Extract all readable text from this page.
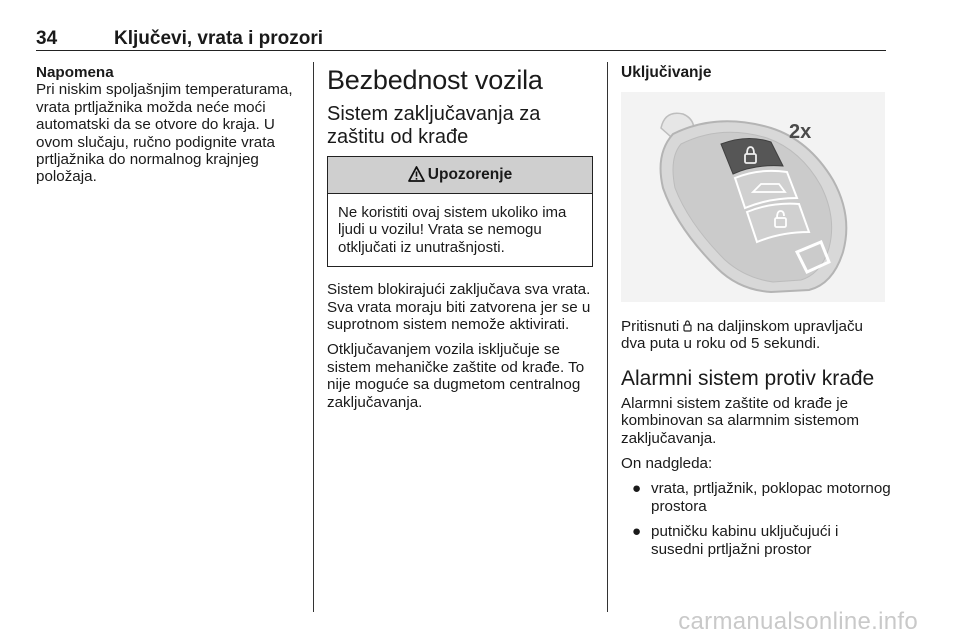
34	Ključevi, vrata i prozori

Napomena

Pri niskim spoljašnjim temperaturama, vrata prtljažnika možda neće moći automatski da se otvore do kraja. U ovom slučaju, ručno podignite vrata prtljažnika do normalnog krajnjeg položaja.

Bezbednost vozila
Sistem zaključavanja za zaštitu od krađe
Upozorenje
Ne koristiti ovaj sistem ukoliko ima ljudi u vozilu! Vrata se nemogu otključati iz unutrašnjosti.

Sistem blokirajući zaključava sva vrata. Sva vrata moraju biti zatvorena jer se u suprotnom sistem nemože aktivirati.

Otključavanjem vozila isključuje se sistem mehaničke zaštite od krađe. To nije moguće sa dugmetom centralnog zaključavanja.

Uključivanje

2x

Pritisnuti  na daljinskom upravljaču dva puta u roku od 5 sekundi.

Alarmni sistem protiv krađe

Alarmni sistem zaštite od krađe je kombinovan sa alarmnim sistemom zaključavanja.

On nadgleda:

● vrata, prtljažnik, poklopac motornog prostora
● putničku kabinu uključujući i susedni prtljažni prostor
carmanualsonline.info
